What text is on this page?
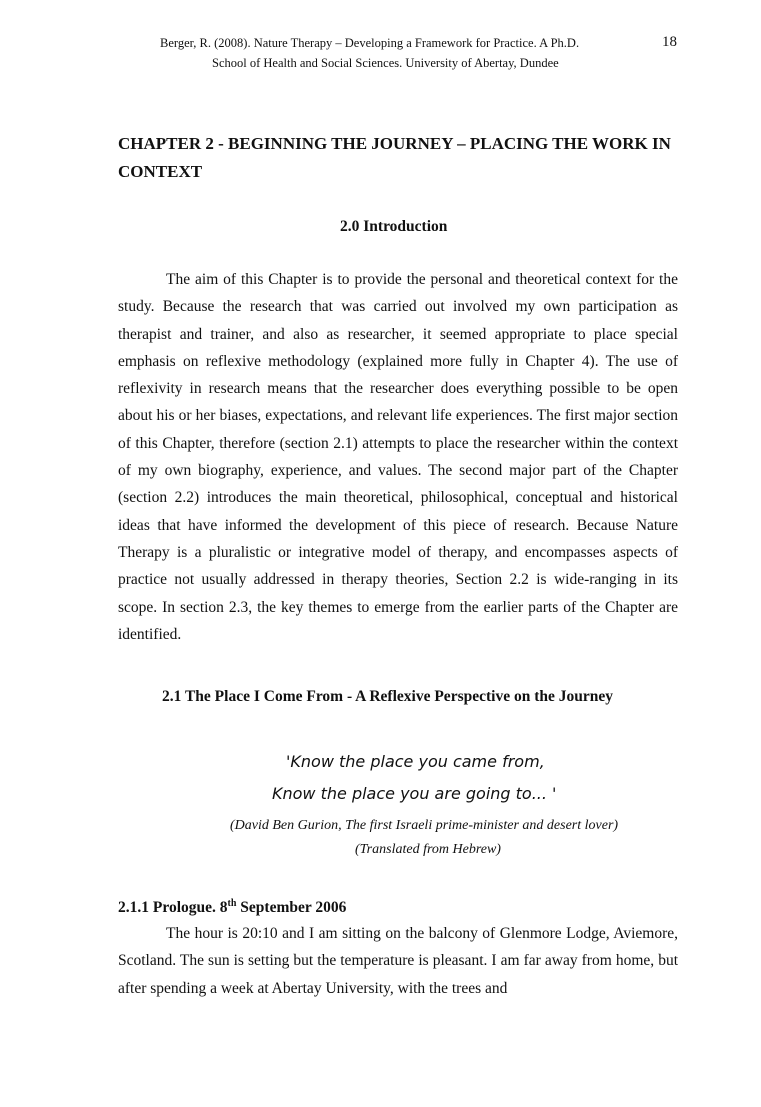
Berger, R. (2008). Nature Therapy – Developing a Framework for Practice. A Ph.D.	18
School of Health and Social Sciences. University of Abertay, Dundee
CHAPTER 2 - BEGINNING THE JOURNEY – PLACING THE WORK IN CONTEXT
2.0 Introduction

The aim of this Chapter is to provide the personal and theoretical context for the study. Because the research that was carried out involved my own participation as therapist and trainer, and also as researcher, it seemed appropriate to place special emphasis on reflexive methodology (explained more fully in Chapter 4). The use of reflexivity in research means that the researcher does everything possible to be open about his or her biases, expectations, and relevant life experiences. The first major section of this Chapter, therefore (section 2.1) attempts to place the researcher within the context of my own biography, experience, and values. The second major part of the Chapter (section 2.2) introduces the main theoretical, philosophical, conceptual and historical ideas that have informed the development of this piece of research. Because Nature Therapy is a pluralistic or integrative model of therapy, and encompasses aspects of practice not usually addressed in therapy theories, Section 2.2 is wide-ranging in its scope. In section 2.3, the key themes to emerge from the earlier parts of the Chapter are identified.

2.1 The Place I Come From - A Reflexive Perspective on the Journey
'Know the place you came from,
Know the place you are going to... '
(David Ben Gurion, The first Israeli prime-minister and desert lover)
(Translated from Hebrew)
2.1.1 Prologue. 8th September 2006

The hour is 20:10 and I am sitting on the balcony of Glenmore Lodge, Aviemore, Scotland. The sun is setting but the temperature is pleasant. I am far away from home, but after spending a week at Abertay University, with the trees and
